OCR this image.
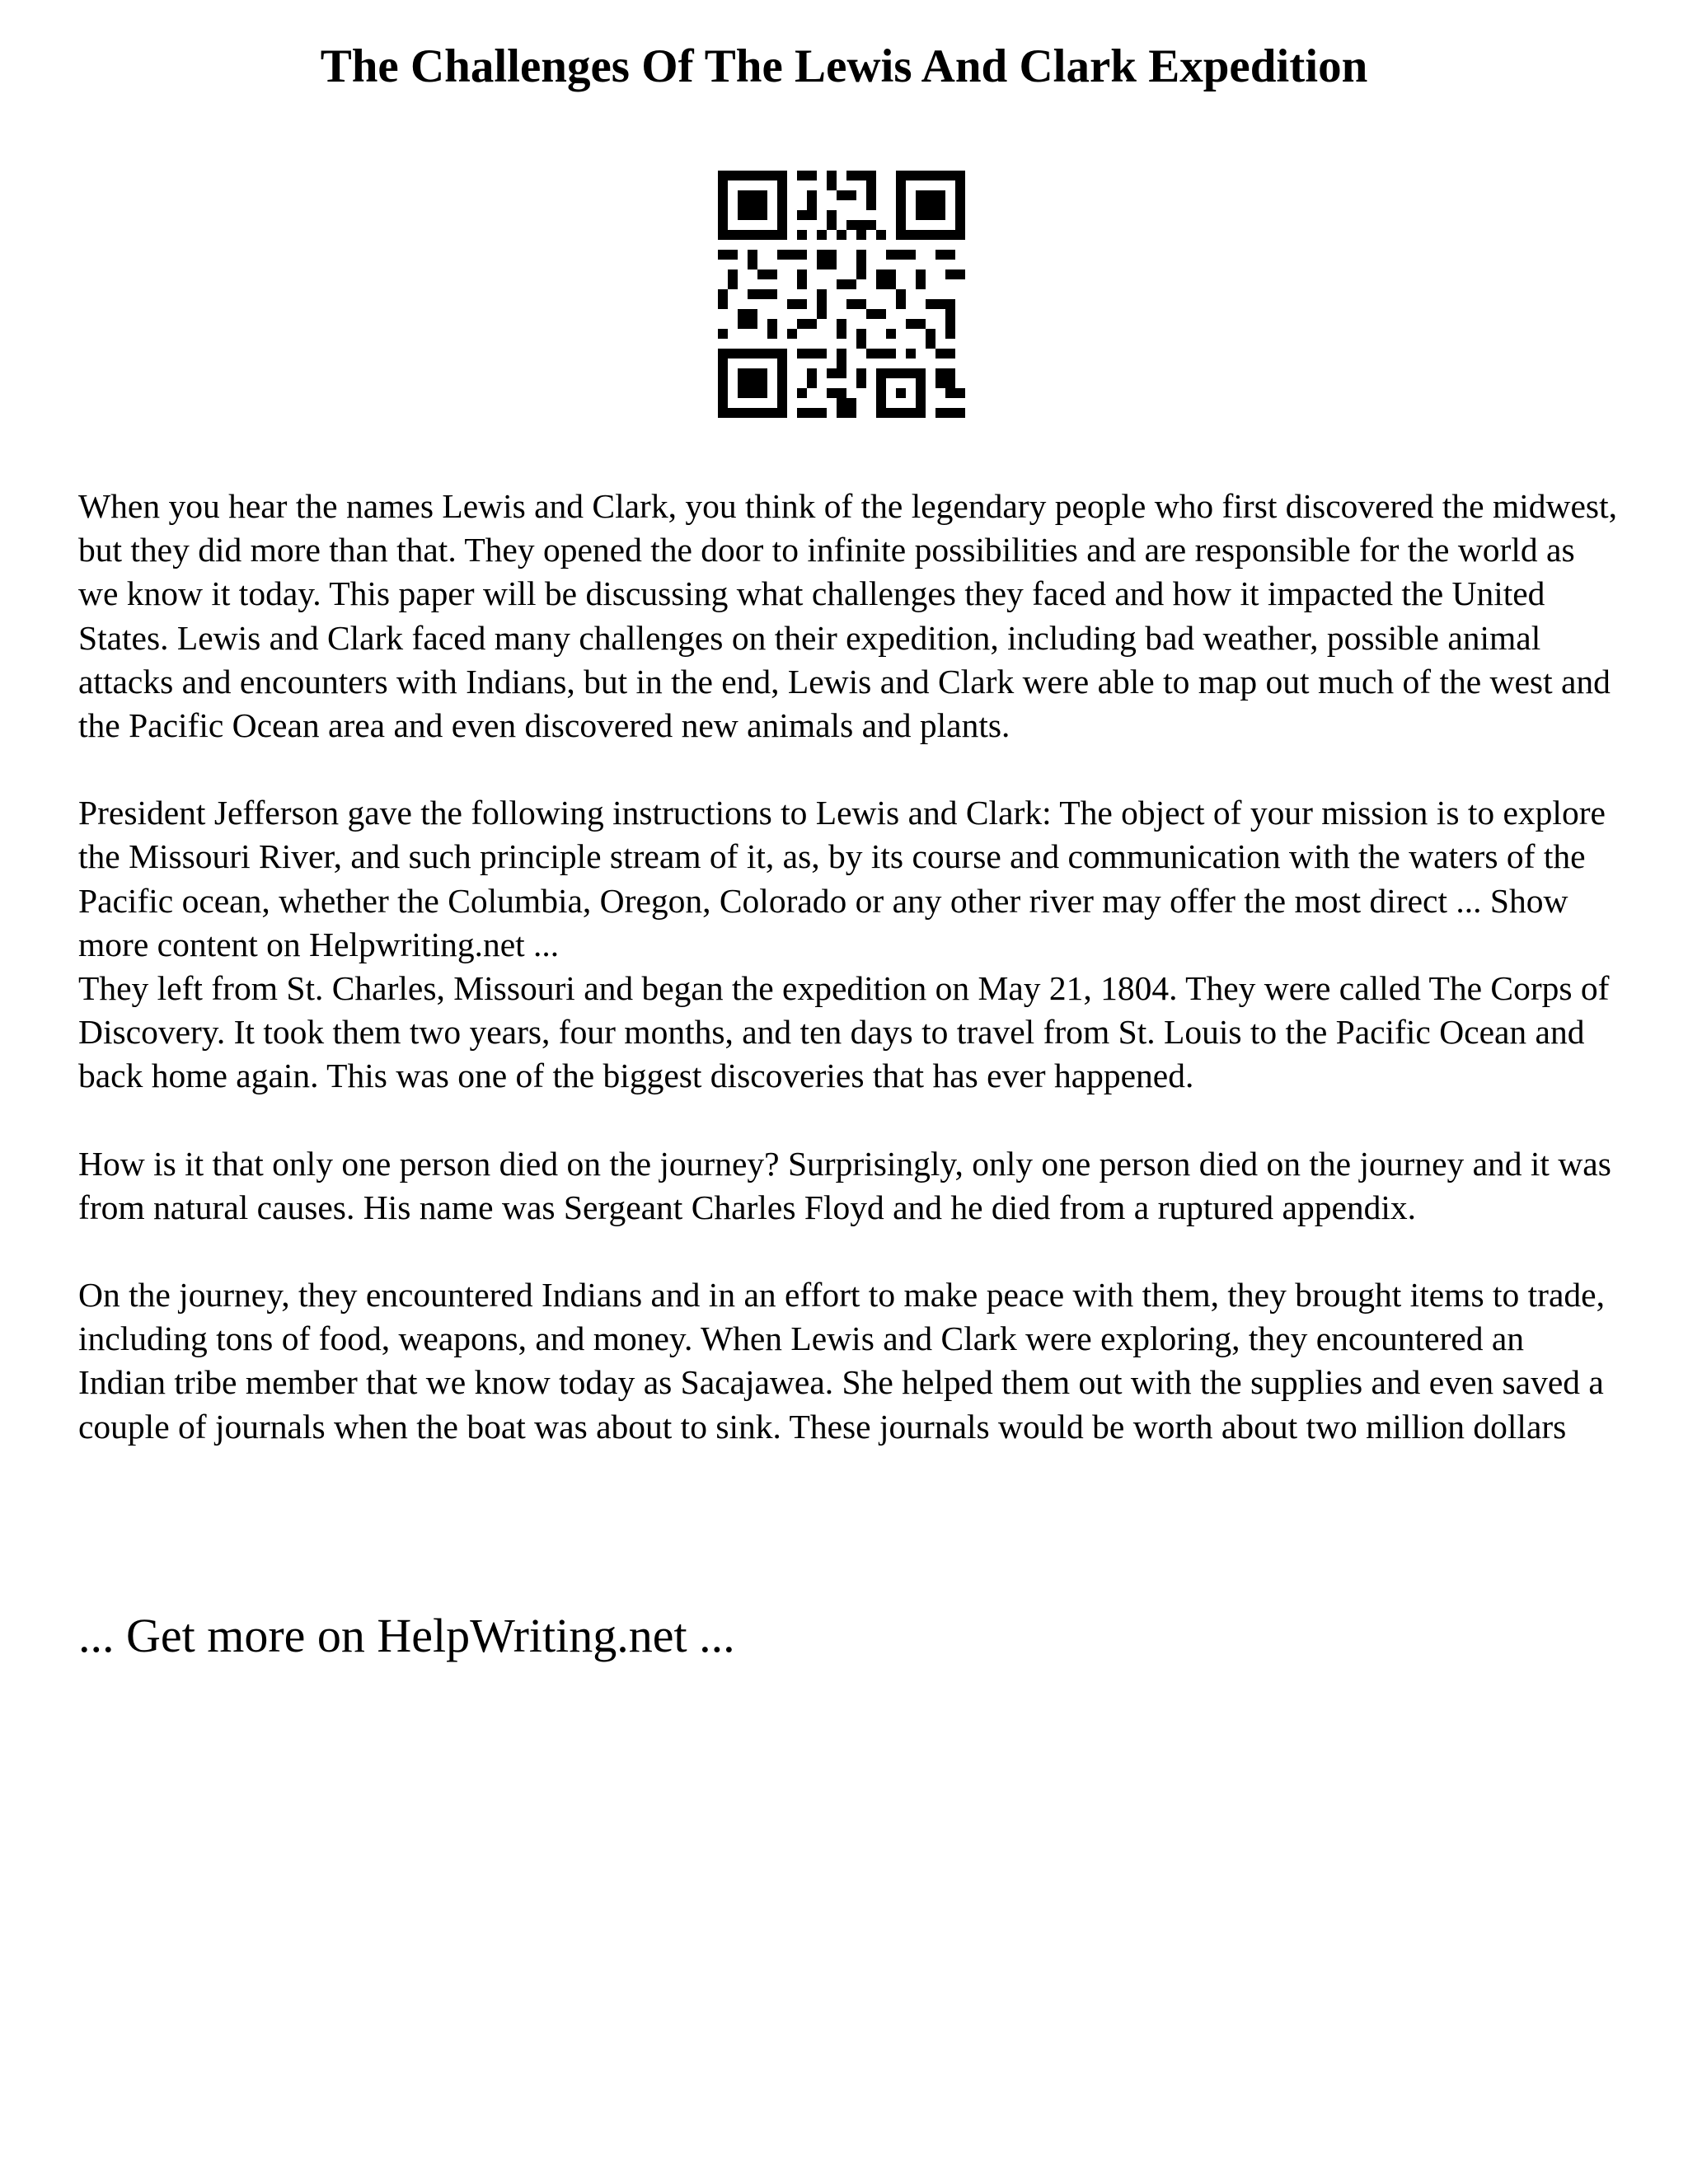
The Challenges Of The Lewis And Clark Expedition

When you hear the names Lewis and Clark, you think of the legendary people who first discovered the midwest, but they did more than that. They opened the door to infinite possibilities and are responsible for the world as we know it today. This paper will be discussing what challenges they faced and how it impacted the United States. Lewis and Clark faced many challenges on their expedition, including bad weather, possible animal attacks and encounters with Indians, but in the end, Lewis and Clark were able to map out much of the west and the Pacific Ocean area and even discovered new animals and plants.

President Jefferson gave the following instructions to Lewis and Clark: The object of your mission is to explore the Missouri River, and such principle stream of it, as, by its course and communication with the waters of the Pacific ocean, whether the Columbia, Oregon, Colorado or any other river may offer the most direct ... Show more content on Helpwriting.net ...

They left from St. Charles, Missouri and began the expedition on May 21, 1804. They were called The Corps of Discovery. It took them two years, four months, and ten days to travel from St. Louis to the Pacific Ocean and back home again. This was one of the biggest discoveries that has ever happened.

How is it that only one person died on the journey? Surprisingly, only one person died on the journey and it was from natural causes. His name was Sergeant Charles Floyd and he died from a ruptured appendix.

On the journey, they encountered Indians and in an effort to make peace with them, they brought items to trade, including tons of food, weapons, and money. When Lewis and Clark were exploring, they encountered an Indian tribe member that we know today as Sacajawea. She helped them out with the supplies and even saved a couple of journals when the boat was about to sink. These journals would be worth about two million dollars

... Get more on HelpWriting.net ...
